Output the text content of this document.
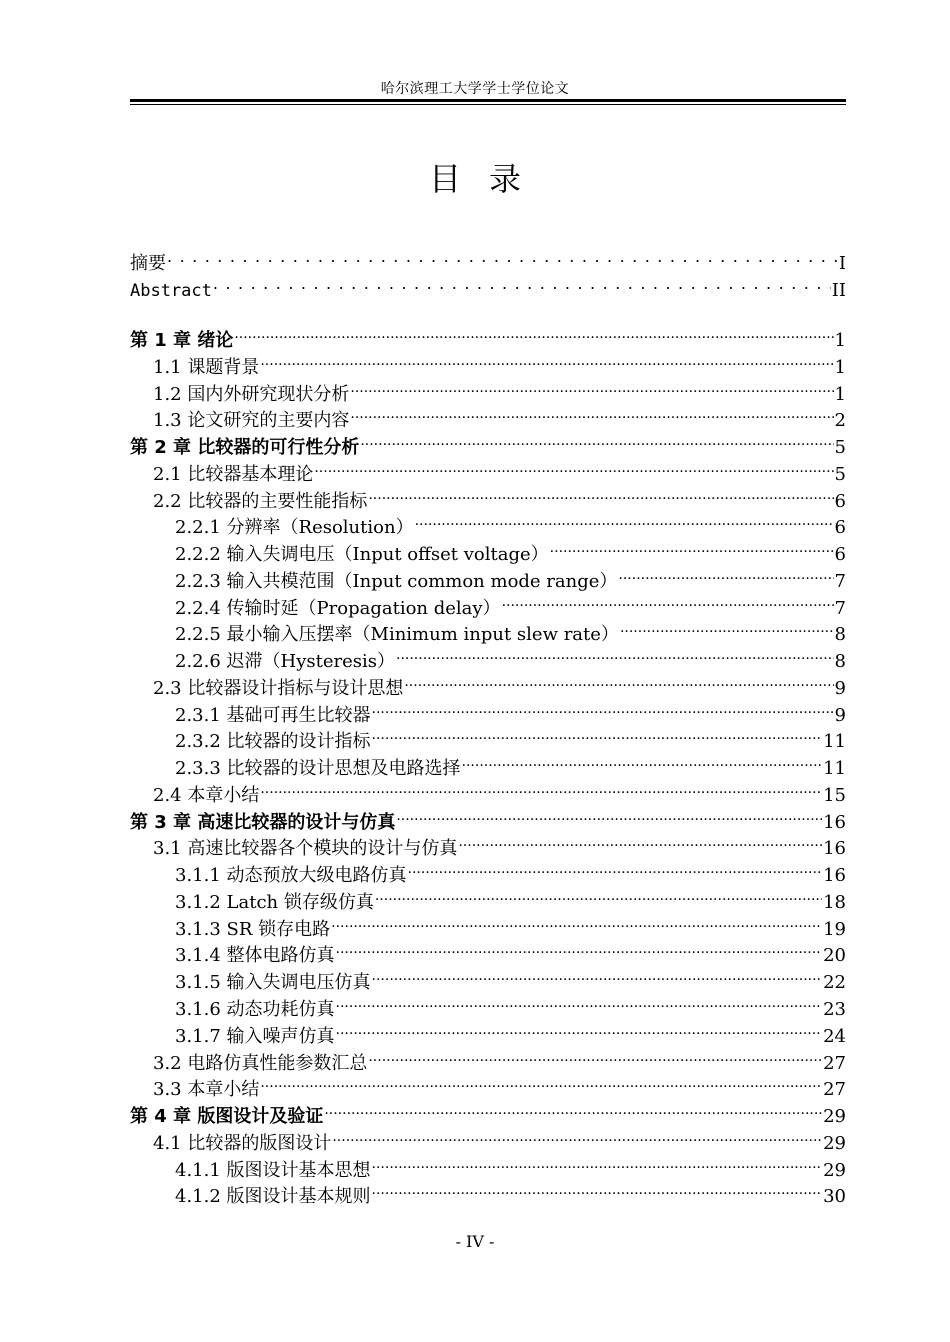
哈尔滨理工大学学士学位论文
目录
摘要 . . .	I
Abstract . . .	II
第 1 章 绪论 .....	1
1.1 课题背景 .....	1
1.2 国内外研究现状分析 .....	1
1.3 论文研究的主要内容 .....	2
第 2 章 比较器的可行性分析 .....	5
2.1 比较器基本理论 .....	5
2.2 比较器的主要性能指标 .....	6
2.2.1 分辨率（Resolution） .....	6
2.2.2 输入失调电压（Input offset voltage） .....	6
2.2.3 输入共模范围（Input common mode range） .....	7
2.2.4 传输时延（Propagation delay） .....	7
2.2.5 最小输入压摆率（Minimum input slew rate） .....	8
2.2.6 迟滞（Hysteresis） .....	8
2.3 比较器设计指标与设计思想 .....	9
2.3.1 基础可再生比较器 .....	9
2.3.2 比较器的设计指标 .....	11
2.3.3 比较器的设计思想及电路选择 .....	11
2.4 本章小结 .....	15
第 3 章 高速比较器的设计与仿真 .....	16
3.1 高速比较器各个模块的设计与仿真 .....	16
3.1.1 动态预放大级电路仿真 .....	16
3.1.2 Latch 锁存级仿真 .....	18
3.1.3 SR 锁存电路 .....	19
3.1.4 整体电路仿真 .....	20
3.1.5 输入失调电压仿真 .....	22
3.1.6 动态功耗仿真 .....	23
3.1.7 输入噪声仿真 .....	24
3.2 电路仿真性能参数汇总 .....	27
3.3 本章小结 .....	27
第 4 章 版图设计及验证 .....	29
4.1 比较器的版图设计 .....	29
4.1.1 版图设计基本思想 .....	29
4.1.2 版图设计基本规则 .....	30
- IV -
